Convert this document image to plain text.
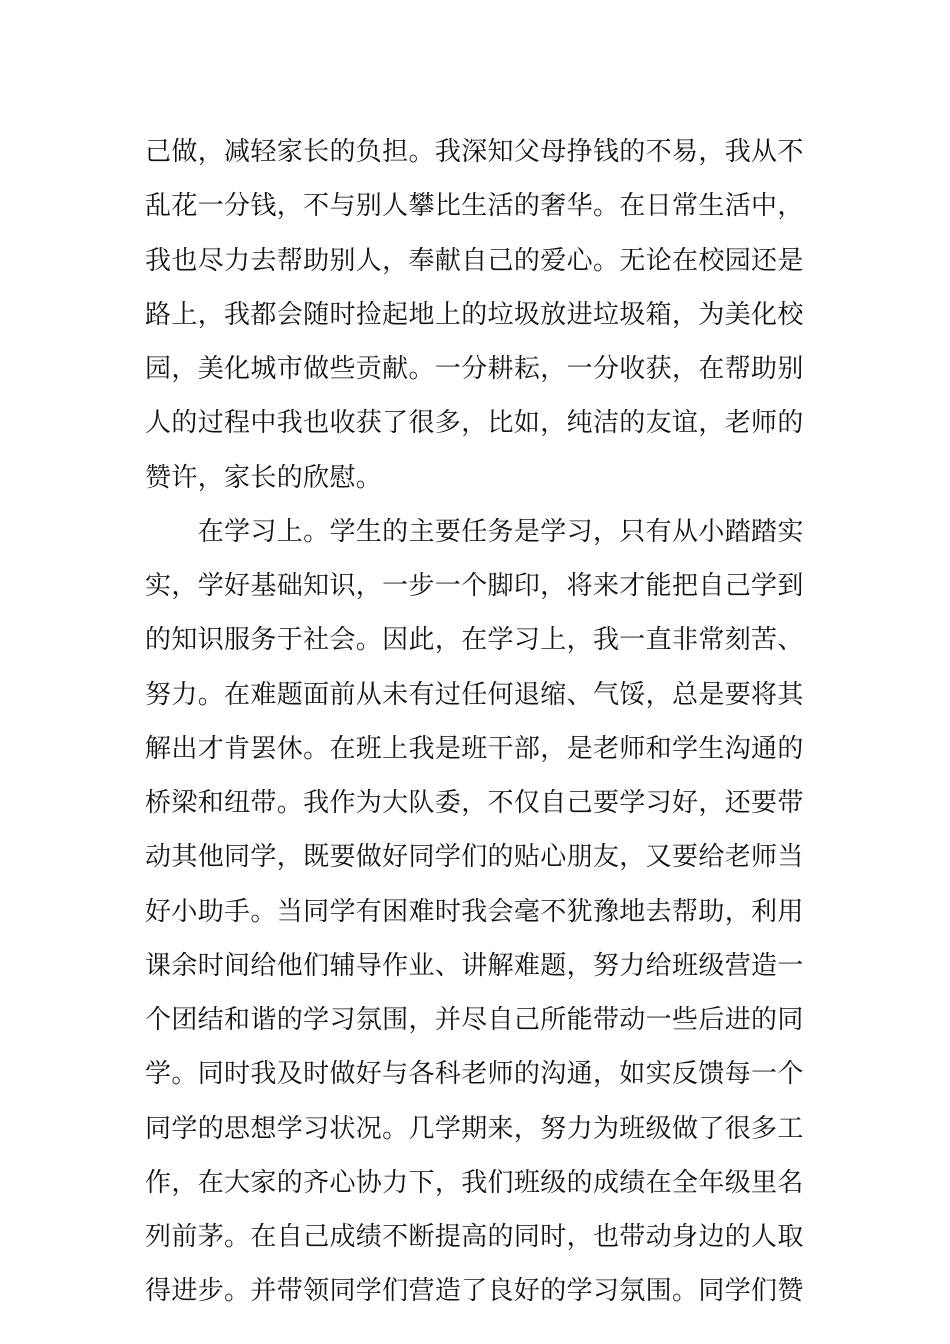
己做，减轻家长的负担。我深知父母挣钱的不易，我从不
乱花一分钱，不与别人攀比生活的奢华。在日常生活中，
我也尽力去帮助别人，奉献自己的爱心。无论在校园还是
路上，我都会随时捡起地上的垃圾放进垃圾箱，为美化校
园，美化城市做些贡献。一分耕耘，一分收获，在帮助别
人的过程中我也收获了很多，比如，纯洁的友谊，老师的
赞许，家长的欣慰。
　　在学习上。学生的主要任务是学习，只有从小踏踏实
实，学好基础知识，一步一个脚印，将来才能把自己学到
的知识服务于社会。因此，在学习上，我一直非常刻苦、
努力。在难题面前从未有过任何退缩、气馁，总是要将其
解出才肯罢休。在班上我是班干部，是老师和学生沟通的
桥梁和纽带。我作为大队委，不仅自己要学习好，还要带
动其他同学，既要做好同学们的贴心朋友，又要给老师当
好小助手。当同学有困难时我会毫不犹豫地去帮助，利用
课余时间给他们辅导作业、讲解难题，努力给班级营造一
个团结和谐的学习氛围，并尽自己所能带动一些后进的同
学。同时我及时做好与各科老师的沟通，如实反馈每一个
同学的思想学习状况。几学期来，努力为班级做了很多工
作，在大家的齐心协力下，我们班级的成绩在全年级里名
列前茅。在自己成绩不断提高的同时，也带动身边的人取
得进步。并带领同学们营造了良好的学习氛围。同学们赞
